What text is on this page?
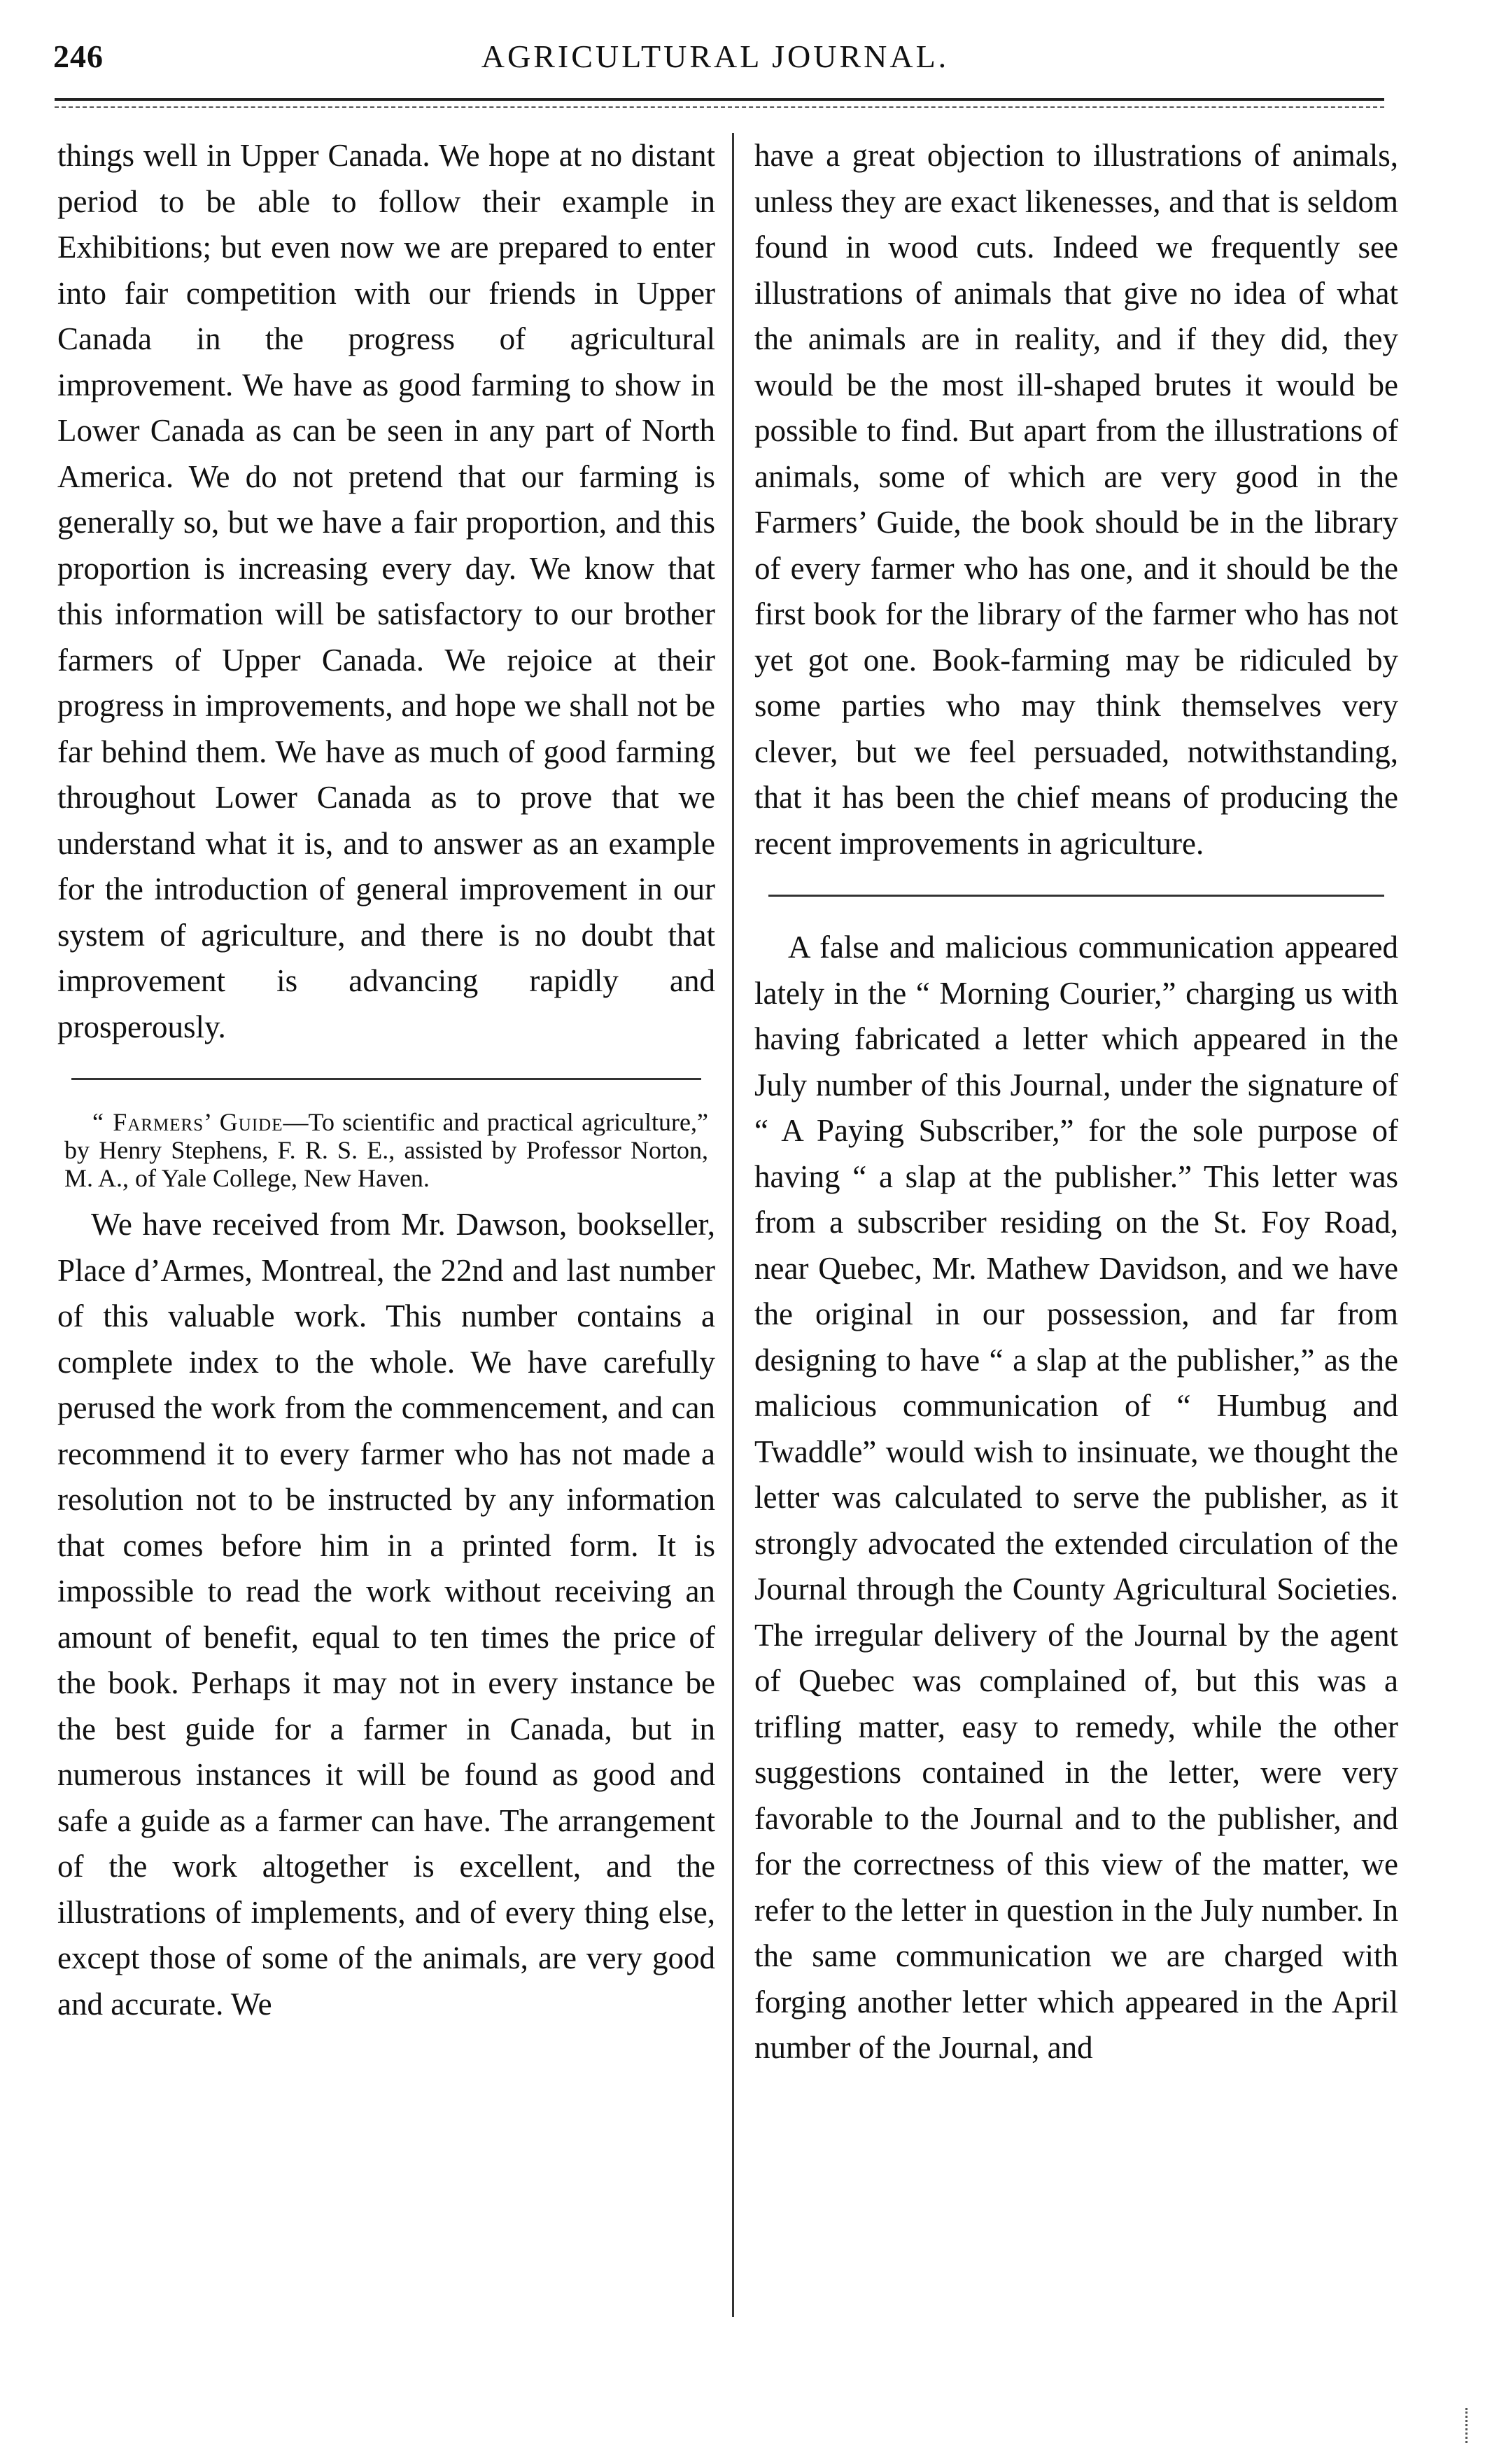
246	AGRICULTURAL JOURNAL.

things well in Upper Canada. We hope at no distant period to be able to follow their example in Exhibitions; but even now we are prepared to enter into fair competition with our friends in Upper Canada in the progress of agricultural improvement. We have as good farming to show in Lower Canada as can be seen in any part of North America. We do not pretend that our farming is generally so, but we have a fair proportion, and this proportion is increasing every day. We know that this information will be satisfactory to our brother farmers of Upper Canada. We rejoice at their progress in improvements, and hope we shall not be far behind them. We have as much of good farming throughout Lower Canada as to prove that we understand what it is, and to answer as an example for the introduction of general improvement in our system of agriculture, and there is no doubt that improvement is advancing rapidly and prosperously.

“ Farmers’ Guide—To scientific and practical agriculture,” by Henry Stephens, F. R. S. E., assisted by Professor Norton, M. A., of Yale College, New Haven.

We have received from Mr. Dawson, bookseller, Place d’Armes, Montreal, the 22nd and last number of this valuable work. This number contains a complete index to the whole. We have carefully perused the work from the commencement, and can recommend it to every farmer who has not made a resolution not to be instructed by any information that comes before him in a printed form. It is impossible to read the work without receiving an amount of benefit, equal to ten times the price of the book. Perhaps it may not in every instance be the best guide for a farmer in Canada, but in numerous instances it will be found as good and safe a guide as a farmer can have. The arrangement of the work altogether is excellent, and the illustrations of implements, and of every thing else, except those of some of the animals, are very good and accurate. We

have a great objection to illustrations of animals, unless they are exact likenesses, and that is seldom found in wood cuts. Indeed we frequently see illustrations of animals that give no idea of what the animals are in reality, and if they did, they would be the most ill-shaped brutes it would be possible to find. But apart from the illustrations of animals, some of which are very good in the Farmers’ Guide, the book should be in the library of every farmer who has one, and it should be the first book for the library of the farmer who has not yet got one. Book-farming may be ridiculed by some parties who may think themselves very clever, but we feel persuaded, notwithstanding, that it has been the chief means of producing the recent improvements in agriculture.

A false and malicious communication appeared lately in the “ Morning Courier,” charging us with having fabricated a letter which appeared in the July number of this Journal, under the signature of “ A Paying Subscriber,” for the sole purpose of having “ a slap at the publisher.” This letter was from a subscriber residing on the St. Foy Road, near Quebec, Mr. Mathew Davidson, and we have the original in our possession, and far from designing to have “ a slap at the publisher,” as the malicious communication of “ Humbug and Twaddle” would wish to insinuate, we thought the letter was calculated to serve the publisher, as it strongly advocated the extended circulation of the Journal through the County Agricultural Societies. The irregular delivery of the Journal by the agent of Quebec was complained of, but this was a trifling matter, easy to remedy, while the other suggestions contained in the letter, were very favorable to the Journal and to the publisher, and for the correctness of this view of the matter, we refer to the letter in question in the July number. In the same communication we are charged with forging another letter which appeared in the April number of the Journal, and
